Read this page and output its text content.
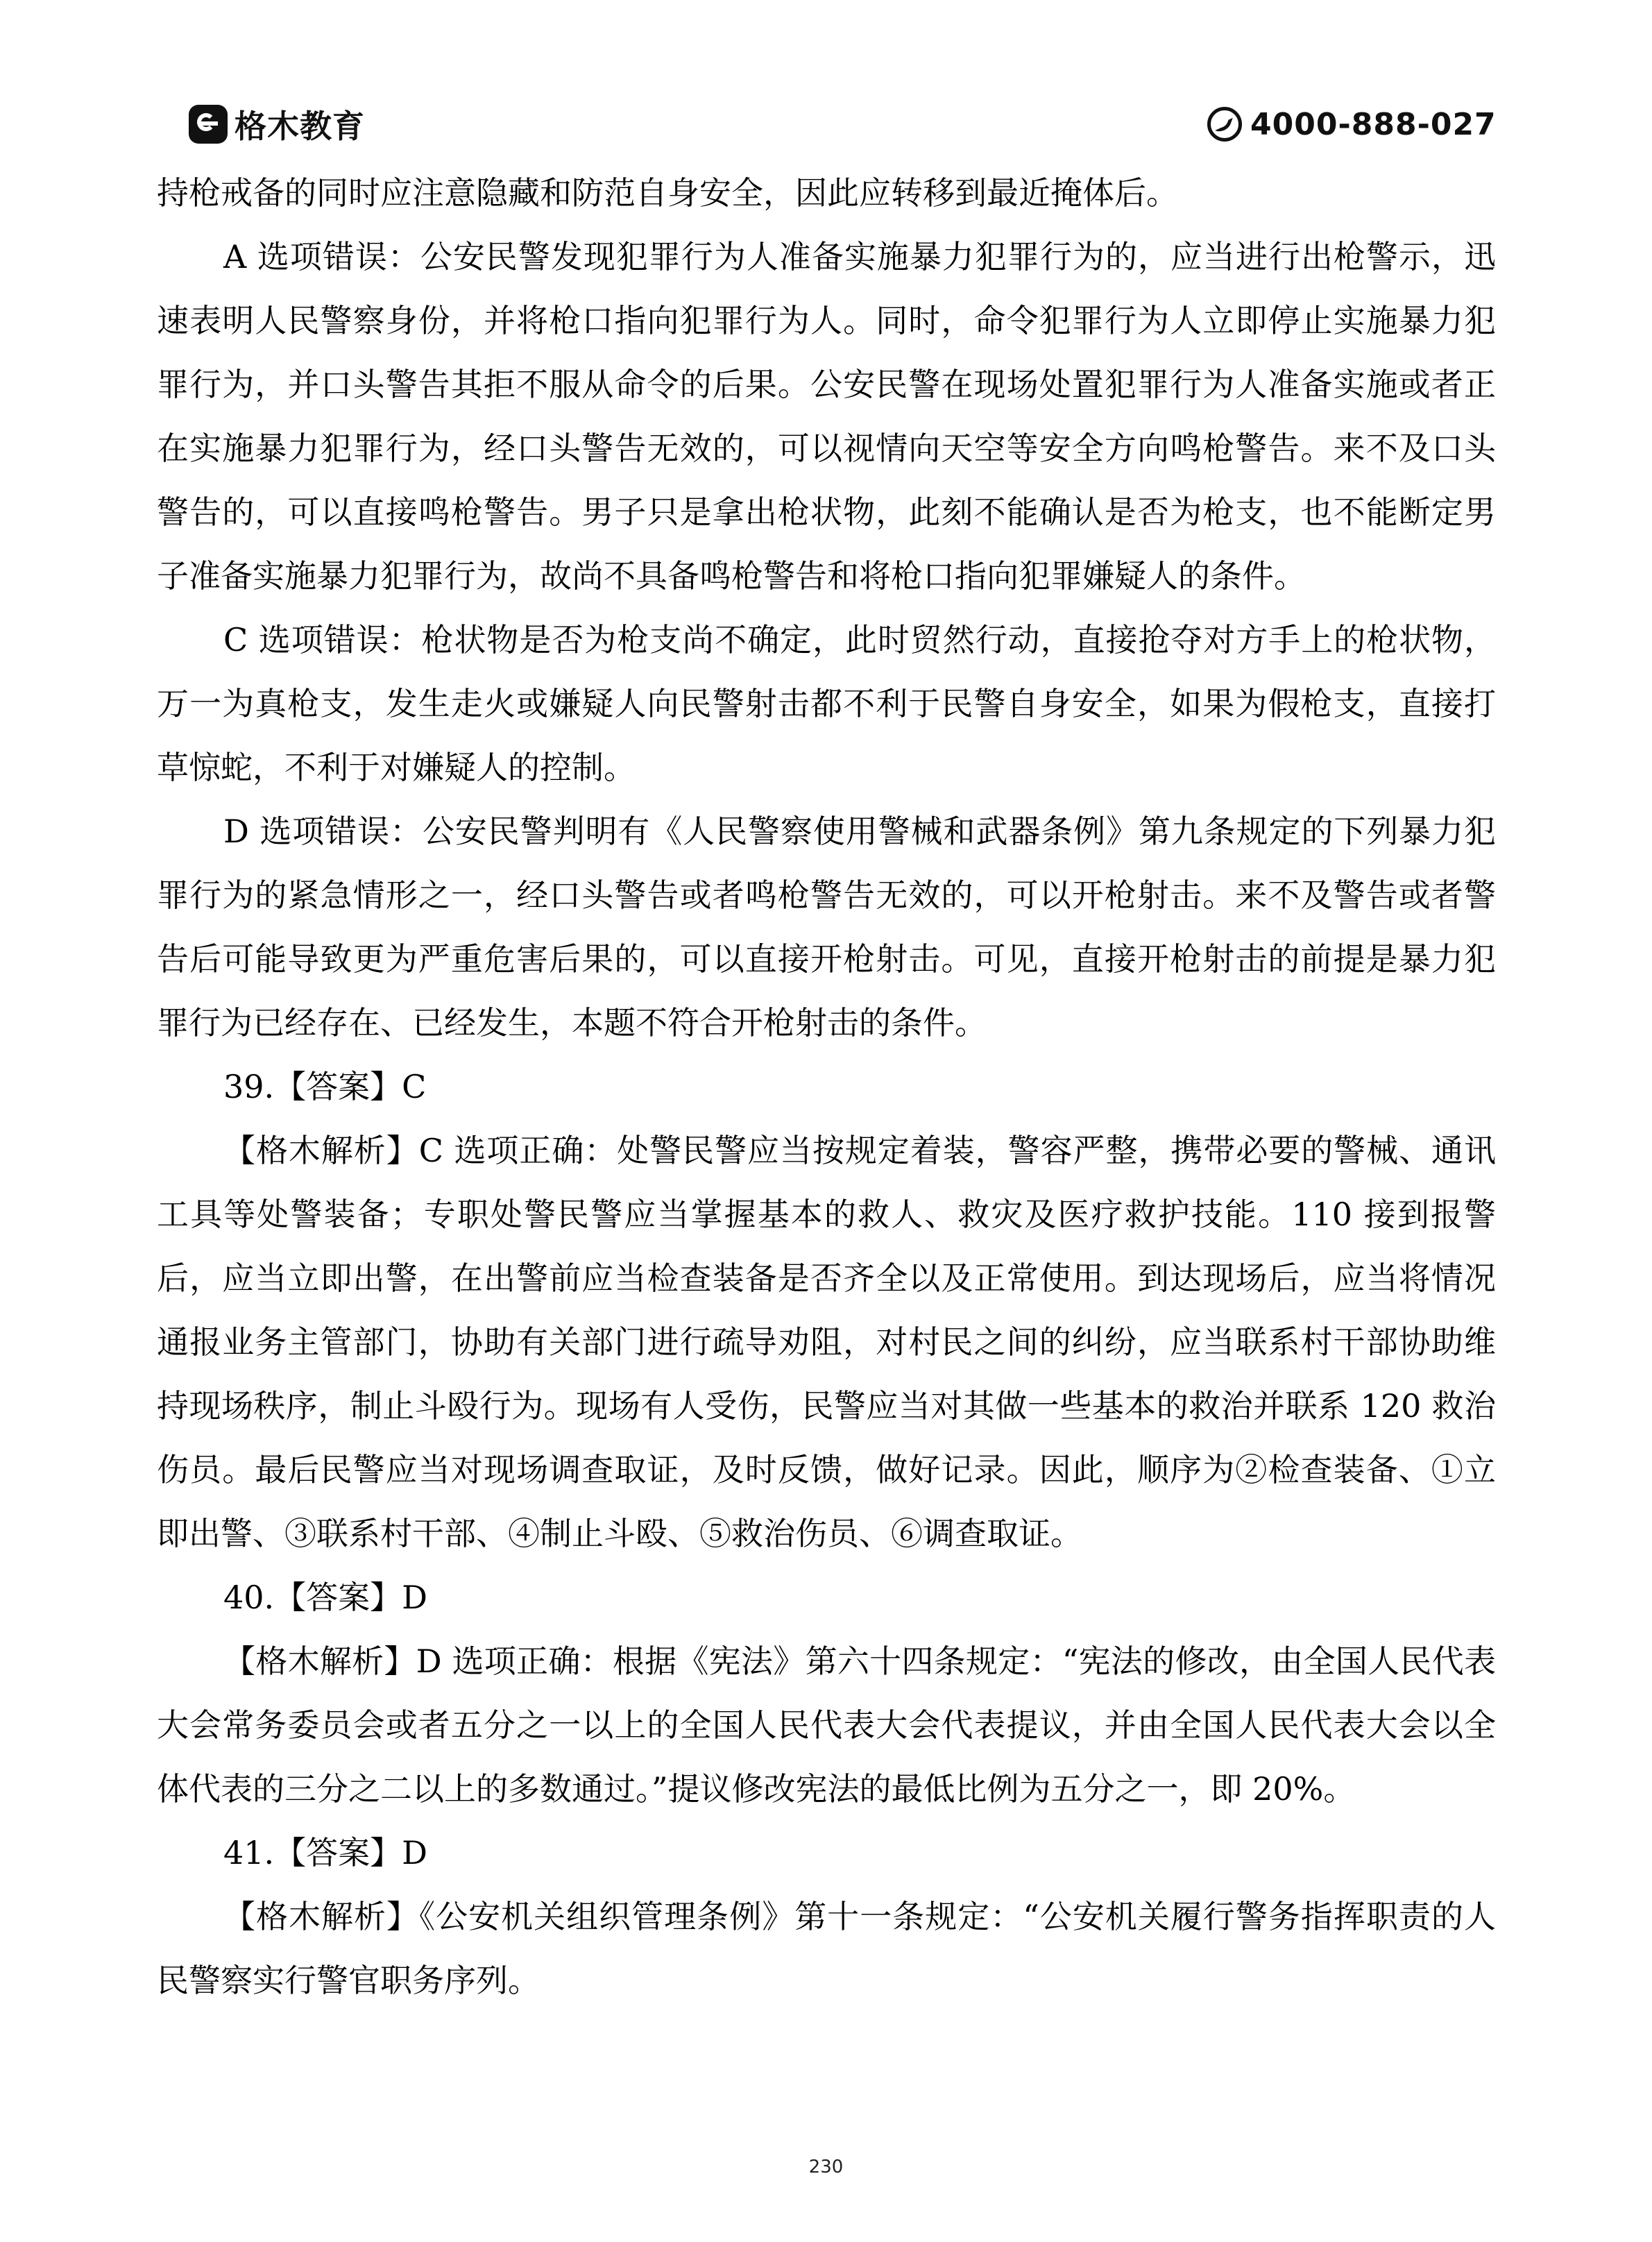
格木教育	4000-888-027

持枪戒备的同时应注意隐藏和防范自身安全，因此应转移到最近掩体后。

A 选项错误：公安民警发现犯罪行为人准备实施暴力犯罪行为的，应当进行出枪警示，迅速表明人民警察身份，并将枪口指向犯罪行为人。同时，命令犯罪行为人立即停止实施暴力犯罪行为，并口头警告其拒不服从命令的后果。公安民警在现场处置犯罪行为人准备实施或者正在实施暴力犯罪行为，经口头警告无效的，可以视情向天空等安全方向鸣枪警告。来不及口头警告的，可以直接鸣枪警告。男子只是拿出枪状物，此刻不能确认是否为枪支，也不能断定男子准备实施暴力犯罪行为，故尚不具备鸣枪警告和将枪口指向犯罪嫌疑人的条件。

C 选项错误：枪状物是否为枪支尚不确定，此时贸然行动，直接抢夺对方手上的枪状物，万一为真枪支，发生走火或嫌疑人向民警射击都不利于民警自身安全，如果为假枪支，直接打草惊蛇，不利于对嫌疑人的控制。

D 选项错误：公安民警判明有《人民警察使用警械和武器条例》第九条规定的下列暴力犯罪行为的紧急情形之一，经口头警告或者鸣枪警告无效的，可以开枪射击。来不及警告或者警告后可能导致更为严重危害后果的，可以直接开枪射击。可见，直接开枪射击的前提是暴力犯罪行为已经存在、已经发生，本题不符合开枪射击的条件。

39.【答案】C

【格木解析】C 选项正确：处警民警应当按规定着装，警容严整，携带必要的警械、通讯工具等处警装备；专职处警民警应当掌握基本的救人、救灾及医疗救护技能。110 接到报警后，应当立即出警，在出警前应当检查装备是否齐全以及正常使用。到达现场后，应当将情况通报业务主管部门，协助有关部门进行疏导劝阻，对村民之间的纠纷，应当联系村干部协助维持现场秩序，制止斗殴行为。现场有人受伤，民警应当对其做一些基本的救治并联系 120 救治伤员。最后民警应当对现场调查取证，及时反馈，做好记录。因此，顺序为②检查装备、①立即出警、③联系村干部、④制止斗殴、⑤救治伤员、⑥调查取证。

40.【答案】D

【格木解析】D 选项正确：根据《宪法》第六十四条规定：“宪法的修改，由全国人民代表大会常务委员会或者五分之一以上的全国人民代表大会代表提议，并由全国人民代表大会以全体代表的三分之二以上的多数通过。”提议修改宪法的最低比例为五分之一，即 20%。

41.【答案】D

【格木解析】《公安机关组织管理条例》第十一条规定：“公安机关履行警务指挥职责的人民警察实行警官职务序列。

230
